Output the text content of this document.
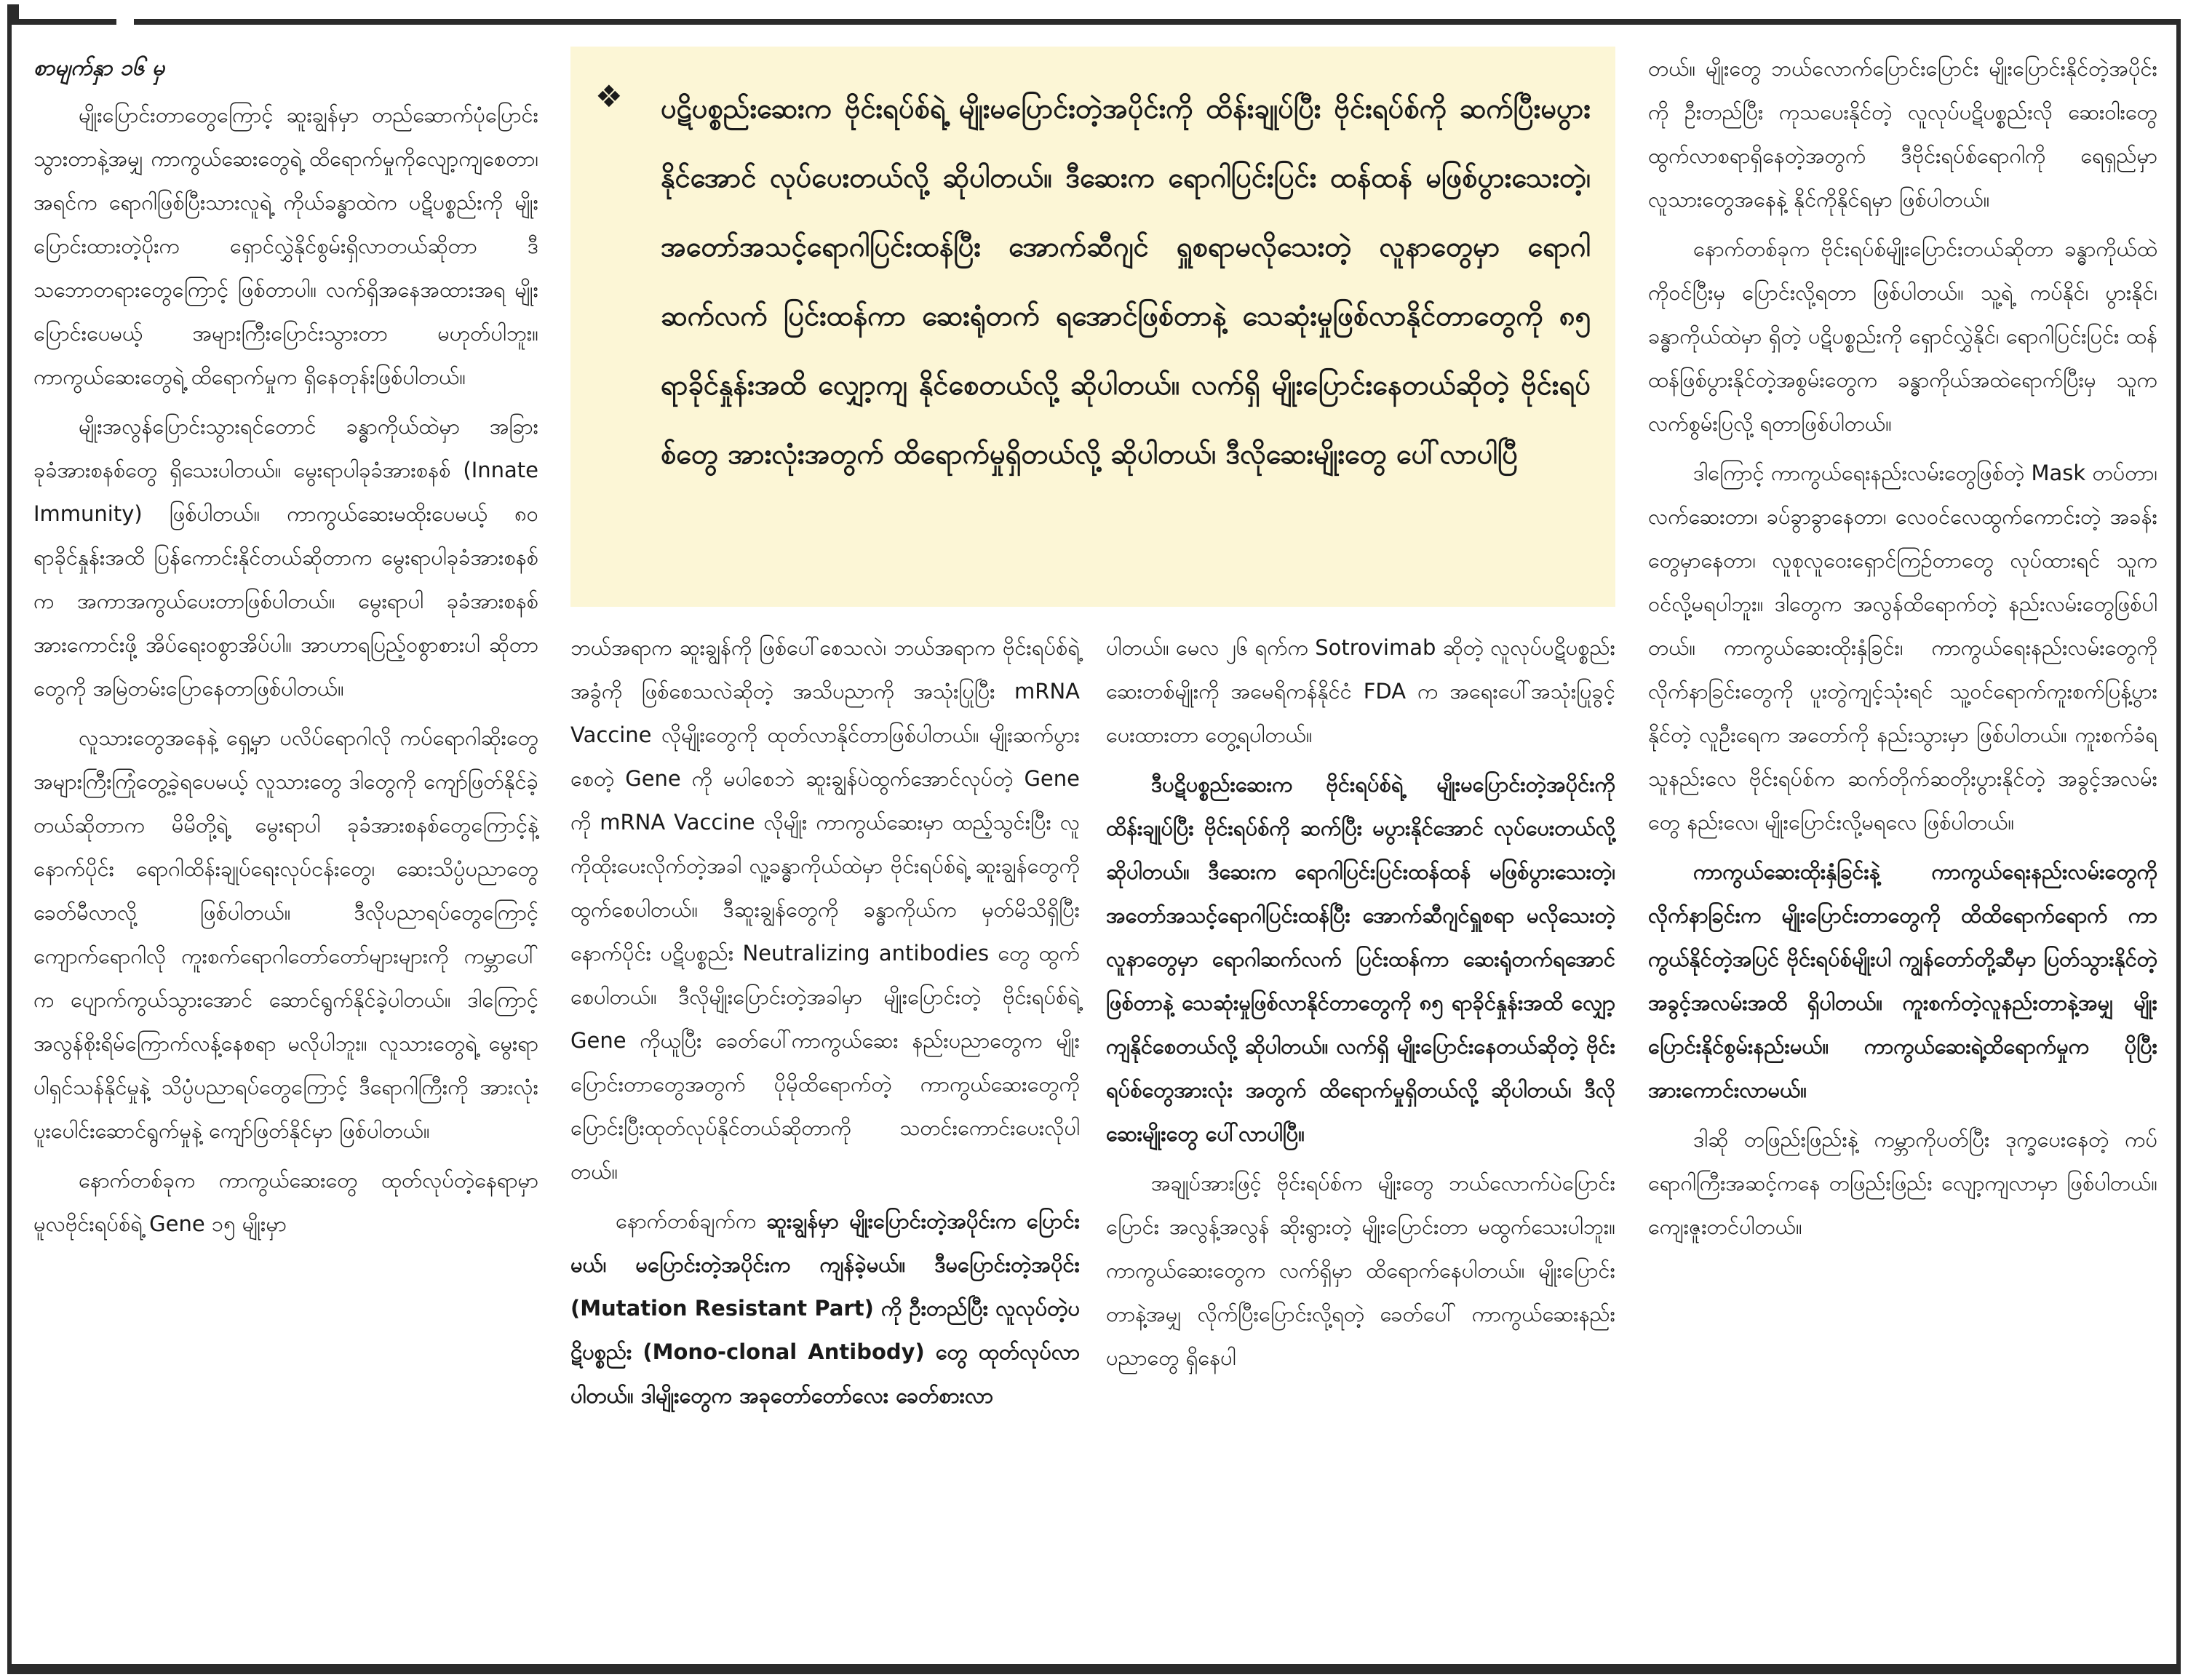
စာမျက်နှာ ၁၆ မှ

မျိုးပြောင်းတာတွေကြောင့် ဆူးချွန်မှာ တည်ဆောက်ပုံပြောင်းသွားတာနဲ့အမျှ ကာကွယ်ဆေးတွေရဲ့ ထိရောက်မှုကိုလျော့ကျစေတာ၊ အရင်က ရောဂါဖြစ်ပြီးသားလူရဲ့ ကိုယ်ခန္ဓာထဲက ပဋိပစ္စည်းကို မျိုးပြောင်းထားတဲ့ပိုးက ရှောင်လွှဲနိုင်စွမ်းရှိလာတယ်ဆိုတာ ဒီသဘောတရားတွေကြောင့် ဖြစ်တာပါ။ လက်ရှိအနေအထားအရ မျိုးပြောင်းပေမယ့် အများကြီးပြောင်းသွားတာ မဟုတ်ပါဘူး။ ကာကွယ်ဆေးတွေရဲ့ ထိရောက်မှုက ရှိနေတုန်းဖြစ်ပါတယ်။

မျိုးအလွန်ပြောင်းသွားရင်တောင် ခန္ဓာကိုယ်ထဲမှာ အခြားခုခံအားစနစ်တွေ ရှိသေးပါတယ်။ မွေးရာပါခုခံအားစနစ် (Innate Immunity) ဖြစ်ပါတယ်။ ကာကွယ်ဆေးမထိုးပေမယ့် ၈၀ ရာခိုင်နှုန်းအထိ ပြန်ကောင်းနိုင်တယ်ဆိုတာက မွေးရာပါခုခံအားစနစ်က အကာအကွယ်ပေးတာဖြစ်ပါတယ်။ မွေးရာပါ ခုခံအားစနစ်အားကောင်းဖို့ အိပ်ရေးဝစွာအိပ်ပါ။ အာဟာရပြည့်ဝစွာစားပါ ဆိုတာတွေကို အမြဲတမ်းပြောနေတာဖြစ်ပါတယ်။

လူသားတွေအနေနဲ့ ရှေ့မှာ ပလိပ်ရောဂါလို ကပ်ရောဂါဆိုးတွေ အများကြီးကြုံတွေ့ခဲ့ရပေမယ့် လူသားတွေ ဒါတွေကို ကျော်ဖြတ်နိုင်ခဲ့တယ်ဆိုတာက မိမိတို့ရဲ့ မွေးရာပါ ခုခံအားစနစ်တွေကြောင့်နဲ့ နောက်ပိုင်း ရောဂါထိန်းချုပ်ရေးလုပ်ငန်းတွေ၊ ဆေးသိပ္ပံပညာတွေ ခေတ်မီလာလို့ ဖြစ်ပါတယ်။ ဒီလိုပညာရပ်တွေကြောင့် ကျောက်ရောဂါလို ကူးစက်ရောဂါတော်တော်များများကို ကမ္ဘာပေါ်က ပျောက်ကွယ်သွားအောင် ဆောင်ရွက်နိုင်ခဲ့ပါတယ်။ ဒါကြောင့် အလွန်စိုးရိမ်ကြောက်လန့်နေစရာ မလိုပါဘူး။ လူသားတွေရဲ့ မွေးရာပါရှင်သန်နိုင်မှုနဲ့ သိပ္ပံပညာရပ်တွေကြောင့် ဒီရောဂါကြီးကို အားလုံးပူးပေါင်းဆောင်ရွက်မှုနဲ့ ကျော်ဖြတ်နိုင်မှာ ဖြစ်ပါတယ်။

နောက်တစ်ခုက ကာကွယ်ဆေးတွေ ထုတ်လုပ်တဲ့နေရာမှာ မူလဗိုင်းရပ်စ်ရဲ့ Gene ၁၅ မျိုးမှာ

❖ ပဋိပစ္စည်းဆေးက ဗိုင်းရပ်စ်ရဲ့ မျိုးမပြောင်းတဲ့အပိုင်းကို ထိန်းချုပ်ပြီး ဗိုင်းရပ်စ်ကို ဆက်ပြီးမပွားနိုင်အောင် လုပ်ပေးတယ်လို့ ဆိုပါတယ်။ ဒီဆေးက ရောဂါပြင်းပြင်း ထန်ထန် မဖြစ်ပွားသေးတဲ့၊ အတော်အသင့်ရောဂါပြင်းထန်ပြီး အောက်ဆီဂျင် ရှူစရာမလိုသေးတဲ့ လူနာတွေမှာ ရောဂါဆက်လက် ပြင်းထန်ကာ ဆေးရုံတက် ရအောင်ဖြစ်တာနဲ့ သေဆုံးမှုဖြစ်လာနိုင်တာတွေကို ၈၅ ရာခိုင်နှုန်းအထိ လျှော့ကျ နိုင်စေတယ်လို့ ဆိုပါတယ်။ လက်ရှိ မျိုးပြောင်းနေတယ်ဆိုတဲ့ ဗိုင်းရပ်စ်တွေ အားလုံးအတွက် ထိရောက်မှုရှိတယ်လို့ ဆိုပါတယ်၊ ဒီလိုဆေးမျိုးတွေ ပေါ်လာပါပြီ

ဘယ်အရာက ဆူးချွန်ကို ဖြစ်ပေါ်စေသလဲ၊ ဘယ်အရာက ဗိုင်းရပ်စ်ရဲ့အခွံကို ဖြစ်စေသလဲဆိုတဲ့ အသိပညာကို အသုံးပြုပြီး mRNA Vaccine လိုမျိုးတွေကို ထုတ်လာနိုင်တာဖြစ်ပါတယ်။ မျိုးဆက်ပွားစေတဲ့ Gene ကို မပါစေဘဲ ဆူးချွန်ပဲထွက်အောင်လုပ်တဲ့ Gene ကို mRNA Vaccine လိုမျိုး ကာကွယ်ဆေးမှာ ထည့်သွင်းပြီး လူကိုထိုးပေးလိုက်တဲ့အခါ လူ့ခန္ဓာကိုယ်ထဲမှာ ဗိုင်းရပ်စ်ရဲ့ ဆူးချွန်တွေကို ထွက်စေပါတယ်။ ဒီဆူးချွန်တွေကို ခန္ဓာကိုယ်က မှတ်မိသိရှိပြီးနောက်ပိုင်း ပဋိပစ္စည်း Neutralizing antibodies တွေ ထွက်စေပါတယ်။ ဒီလိုမျိုးပြောင်းတဲ့အခါမှာ မျိုးပြောင်းတဲ့ ဗိုင်းရပ်စ်ရဲ့ Gene ကိုယူပြီး ခေတ်ပေါ်ကာကွယ်ဆေး နည်းပညာတွေက မျိုးပြောင်းတာတွေအတွက် ပိုမိုထိရောက်တဲ့ ကာကွယ်ဆေးတွေကို ပြောင်းပြီးထုတ်လုပ်နိုင်တယ်ဆိုတာကို သတင်းကောင်းပေးလိုပါတယ်။

နောက်တစ်ချက်က ဆူးချွန်မှာ မျိုးပြောင်းတဲ့အပိုင်းက ပြောင်းမယ်၊ မပြောင်းတဲ့အပိုင်းက ကျန်ခဲ့မယ်။ ဒီမပြောင်းတဲ့အပိုင်း (Mutation Resistant Part) ကို ဦးတည်ပြီး လူလုပ်တဲ့ပဋိပစ္စည်း (Mono-clonal Antibody) တွေ ထုတ်လုပ်လာပါတယ်။ ဒါမျိုးတွေက အခုတော်တော်လေး ခေတ်စားလာ

ပါတယ်။ မေလ ၂၆ ရက်က Sotrovimab ဆိုတဲ့ လူလုပ်ပဋိပစ္စည်းဆေးတစ်မျိုးကို အမေရိကန်နိုင်ငံ FDA က အရေးပေါ်အသုံးပြုခွင့်ပေးထားတာ တွေ့ရပါတယ်။

ဒီပဋိပစ္စည်းဆေးက ဗိုင်းရပ်စ်ရဲ့ မျိုးမပြောင်းတဲ့အပိုင်းကို ထိန်းချုပ်ပြီး ဗိုင်းရပ်စ်ကို ဆက်ပြီး မပွားနိုင်အောင် လုပ်ပေးတယ်လို့ ဆိုပါတယ်။ ဒီဆေးက ရောဂါပြင်းပြင်းထန်ထန် မဖြစ်ပွားသေးတဲ့၊ အတော်အသင့်ရောဂါပြင်းထန်ပြီး အောက်ဆီဂျင်ရှူစရာ မလိုသေးတဲ့ လူနာတွေမှာ ရောဂါဆက်လက် ပြင်းထန်ကာ ဆေးရုံတက်ရအောင်ဖြစ်တာနဲ့ သေဆုံးမှုဖြစ်လာနိုင်တာတွေကို ၈၅ ရာခိုင်နှုန်းအထိ လျှော့ကျနိုင်စေတယ်လို့ ဆိုပါတယ်။ လက်ရှိ မျိုးပြောင်းနေတယ်ဆိုတဲ့ ဗိုင်းရပ်စ်တွေအားလုံး အတွက် ထိရောက်မှုရှိတယ်လို့ ဆိုပါတယ်၊ ဒီလို ဆေးမျိုးတွေ ပေါ်လာပါပြီ။

အချုပ်အားဖြင့် ဗိုင်းရပ်စ်က မျိုးတွေ ဘယ်လောက်ပဲပြောင်းပြောင်း အလွန့်အလွန် ဆိုးရွားတဲ့ မျိုးပြောင်းတာ မထွက်သေးပါဘူး။ ကာကွယ်ဆေးတွေက လက်ရှိမှာ ထိရောက်နေပါတယ်။ မျိုးပြောင်းတာနဲ့အမျှ လိုက်ပြီးပြောင်းလို့ရတဲ့ ခေတ်ပေါ် ကာကွယ်ဆေးနည်းပညာတွေ ရှိနေပါ

တယ်။ မျိုးတွေ ဘယ်လောက်ပြောင်းပြောင်း မျိုးပြောင်းနိုင်တဲ့အပိုင်းကို ဦးတည်ပြီး ကုသပေးနိုင်တဲ့ လူလုပ်ပဋိပစ္စည်းလို ဆေးဝါးတွေ ထွက်လာစရာရှိနေတဲ့အတွက် ဒီဗိုင်းရပ်စ်ရောဂါကို ရေရှည်မှာ လူသားတွေအနေနဲ့ နိုင်ကိုနိုင်ရမှာ ဖြစ်ပါတယ်။

နောက်တစ်ခုက ဗိုင်းရပ်စ်မျိုးပြောင်းတယ်ဆိုတာ ခန္ဓာကိုယ်ထဲကိုဝင်ပြီးမှ ပြောင်းလို့ရတာ ဖြစ်ပါတယ်။ သူ့ရဲ့ ကပ်နိုင်၊ ပွားနိုင်၊ ခန္ဓာကိုယ်ထဲမှာ ရှိတဲ့ ပဋိပစ္စည်းကို ရှောင်လွှဲနိုင်၊ ရောဂါပြင်းပြင်း ထန်ထန်ဖြစ်ပွားနိုင်တဲ့အစွမ်းတွေက ခန္ဓာကိုယ်အထဲရောက်ပြီးမှ သူက လက်စွမ်းပြလို့ ရတာဖြစ်ပါတယ်။

ဒါကြောင့် ကာကွယ်ရေးနည်းလမ်းတွေဖြစ်တဲ့ Mask တပ်တာ၊ လက်ဆေးတာ၊ ခပ်ခွာခွာနေတာ၊ လေဝင်လေထွက်ကောင်းတဲ့ အခန်းတွေမှာနေတာ၊ လူစုလူဝေးရှောင်ကြဉ်တာတွေ လုပ်ထားရင် သူက ဝင်လို့မရပါဘူး။ ဒါတွေက အလွန်ထိရောက်တဲ့ နည်းလမ်းတွေဖြစ်ပါတယ်။ ကာကွယ်ဆေးထိုးနှံခြင်း၊ ကာကွယ်ရေးနည်းလမ်းတွေကို လိုက်နာခြင်းတွေကို ပူးတွဲကျင့်သုံးရင် သူ့ဝင်ရောက်ကူးစက်ပြန့်ပွားနိုင်တဲ့ လူဦးရေက အတော်ကို နည်းသွားမှာ ဖြစ်ပါတယ်။ ကူးစက်ခံရသူနည်းလေ ဗိုင်းရပ်စ်က ဆက်တိုက်ဆတိုးပွားနိုင်တဲ့ အခွင့်အလမ်းတွေ နည်းလေ၊ မျိုးပြောင်းလို့မရလေ ဖြစ်ပါတယ်။

ကာကွယ်ဆေးထိုးနှံခြင်းနဲ့ ကာကွယ်ရေးနည်းလမ်းတွေကို လိုက်နာခြင်းက မျိုးပြောင်းတာတွေကို ထိထိရောက်ရောက် ကာကွယ်နိုင်တဲ့အပြင် ဗိုင်းရပ်စ်မျိုးပါ ကျွန်တော်တို့ဆီမှာ ပြတ်သွားနိုင်တဲ့ အခွင့်အလမ်းအထိ ရှိပါတယ်။ ကူးစက်တဲ့လူနည်းတာနဲ့အမျှ မျိုးပြောင်းနိုင်စွမ်းနည်းမယ်။ ကာကွယ်ဆေးရဲ့ထိရောက်မှုက ပိုပြီးအားကောင်းလာမယ်။

ဒါဆို တဖြည်းဖြည်းနဲ့ ကမ္ဘာကိုပတ်ပြီး ဒုက္ခပေးနေတဲ့ ကပ်ရောဂါကြီးအဆင့်ကနေ တဖြည်းဖြည်း လျော့ကျလာမှာ ဖြစ်ပါတယ်။ ကျေးဇူးတင်ပါတယ်။
